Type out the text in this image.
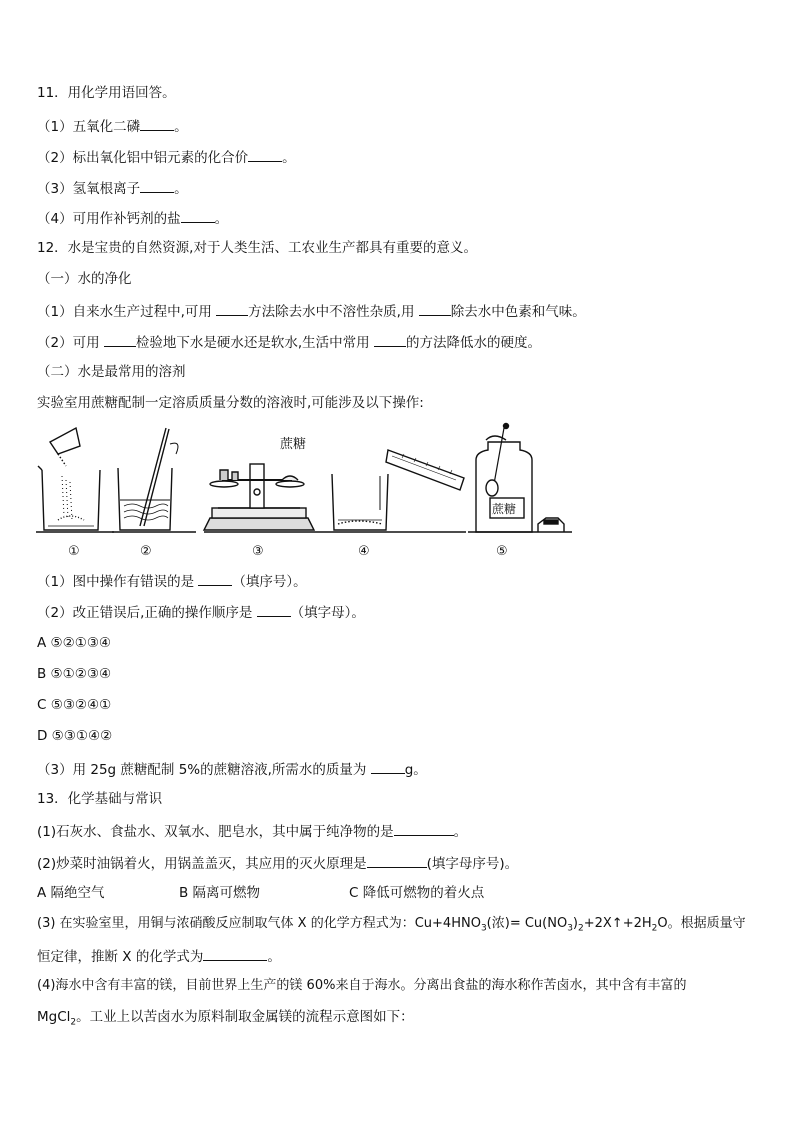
11．用化学用语回答。
（1）五氧化二磷	。
（2）标出氧化铝中铝元素的化合价	。
（3）氢氧根离子	。
（4）可用作补钙剂的盐	。
12．水是宝贵的自然资源,对于人类生活、工农业生产都具有重要的意义。
（一）水的净化
（1）自来水生产过程中,可用 方法除去水中不溶性杂质,用 除去水中色素和气味。
（2）可用 检验地下水是硬水还是软水,生活中常用 的方法降低水的硬度。
（二）水是最常用的溶剂
实验室用蔗糖配制一定溶质质量分数的溶液时,可能涉及以下操作:
蔗糖
蔗糖
①	②	③	④	⑤
（1）图中操作有错误的是	（填序号）。
（2）改正错误后,正确的操作顺序是	（填字母）。
A ⑤②①③④
B ⑤①②③④
C ⑤③②④①
D ⑤③①④②
（3）用 25g 蔗糖配制 5%的蔗糖溶液,所需水的质量为	g。
13．化学基础与常识
(1)石灰水、食盐水、双氧水、肥皂水，其中属于纯净物的是	。
(2)炒菜时油锅着火，用锅盖盖灭，其应用的灭火原理是	(填字母序号)。
A 隔绝空气	B 隔离可燃物	C 降低可燃物的着火点
(3) 在实验室里，用铜与浓硝酸反应制取气体 X 的化学方程式为：$Cu+4HNO_3$(浓)= $Cu(NO_3)_2+2X↑+2H_2O$。根据质量守
恒定律，推断 X 的化学式为	。
(4)海水中含有丰富的镁，目前世界上生产的镁 60%来自于海水。分离出食盐的海水称作苦卤水，其中含有丰富的
MgCl$_2$。工业上以苦卤水为原料制取金属镁的流程示意图如下：
